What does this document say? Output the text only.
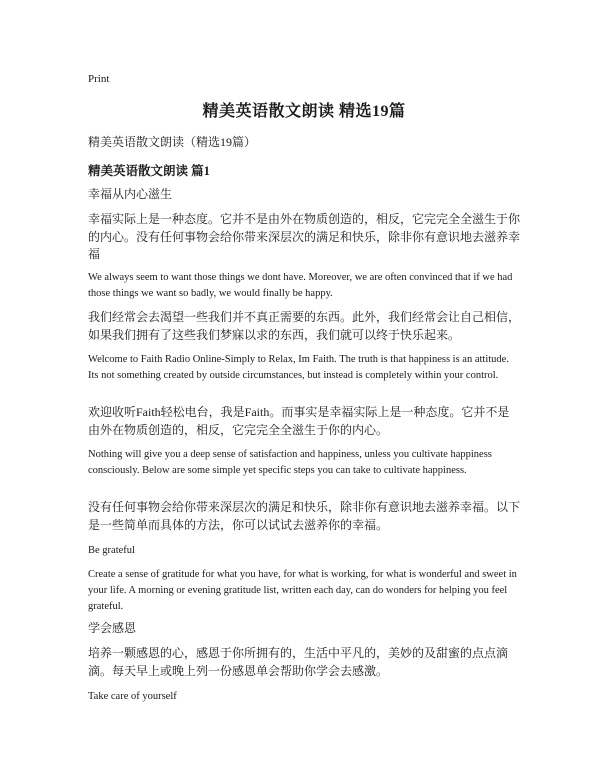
Print
精美英语散文朗读 精选19篇
精美英语散文朗读（精选19篇）
精美英语散文朗读 篇1
幸福从内心滋生
幸福实际上是一种态度。它并不是由外在物质创造的，相反，它完完全全滋生于你的内心。没有任何事物会给你带来深层次的满足和快乐，除非你有意识地去滋养幸福
We always seem to want those things we dont have. Moreover, we are often convinced that if we had those things we want so badly, we would finally be happy.
我们经常会去渴望一些我们并不真正需要的东西。此外，我们经常会让自己相信，如果我们拥有了这些我们梦寐以求的东西，我们就可以终于快乐起来。
Welcome to Faith Radio Online-Simply to Relax, Im Faith. The truth is that happiness is an attitude. Its not something created by outside circumstances, but instead is completely within your control.
欢迎收听Faith轻松电台，我是Faith。而事实是幸福实际上是一种态度。它并不是由外在物质创造的，相反，它完完全全滋生于你的内心。
Nothing will give you a deep sense of satisfaction and happiness, unless you cultivate happiness consciously. Below are some simple yet specific steps you can take to cultivate happiness.
没有任何事物会给你带来深层次的满足和快乐，除非你有意识地去滋养幸福。以下是一些简单而具体的方法，你可以试试去滋养你的幸福。
Be grateful
Create a sense of gratitude for what you have, for what is working, for what is wonderful and sweet in your life. A morning or evening gratitude list, written each day, can do wonders for helping you feel grateful.
学会感恩
培养一颗感恩的心，感恩于你所拥有的，生活中平凡的，美妙的及甜蜜的点点滴滴。每天早上或晚上列一份感恩单会帮助你学会去感激。
Take care of yourself
